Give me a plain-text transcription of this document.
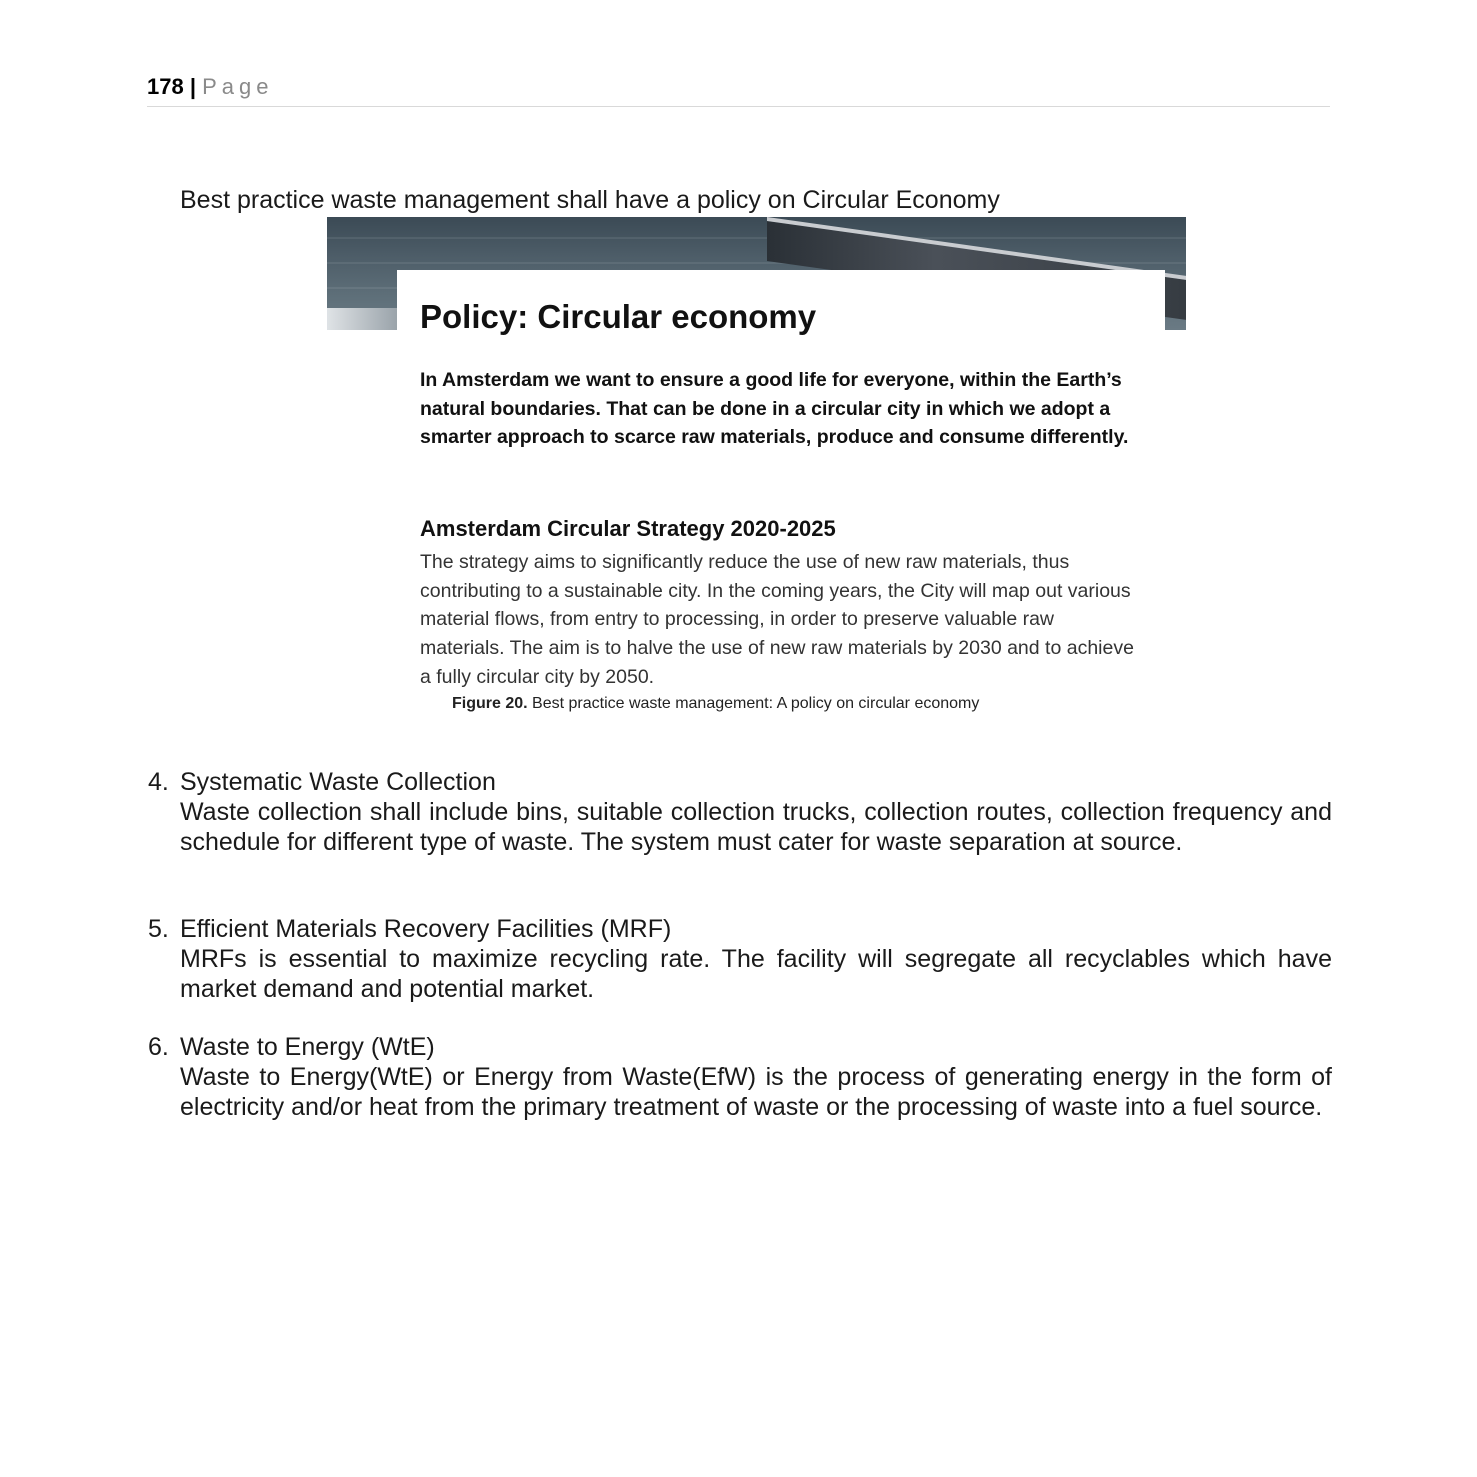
178 | Page
Best practice waste management shall have a policy on Circular Economy
Policy: Circular economy
In Amsterdam we want to ensure a good life for everyone, within the Earth’s natural boundaries. That can be done in a circular city in which we adopt a smarter approach to scarce raw materials, produce and consume differently.
Amsterdam Circular Strategy 2020-2025
The strategy aims to significantly reduce the use of new raw materials, thus contributing to a sustainable city. In the coming years, the City will map out various material flows, from entry to processing, in order to preserve valuable raw materials. The aim is to halve the use of new raw materials by 2030 and to achieve a fully circular city by 2050.
Figure 20. Best practice waste management: A policy on circular economy
4. Systematic Waste Collection
Waste collection shall include bins, suitable collection trucks, collection routes, collection frequency and schedule for different type of waste. The system must cater for waste separation at source.
5. Efficient Materials Recovery Facilities (MRF)
MRFs is essential to maximize recycling rate. The facility will segregate all recyclables which have market demand and potential market.
6. Waste to Energy (WtE)
Waste to Energy(WtE) or Energy from Waste(EfW) is the process of generating energy in the form of electricity and/or heat from the primary treatment of waste or the processing of waste into a fuel source.
